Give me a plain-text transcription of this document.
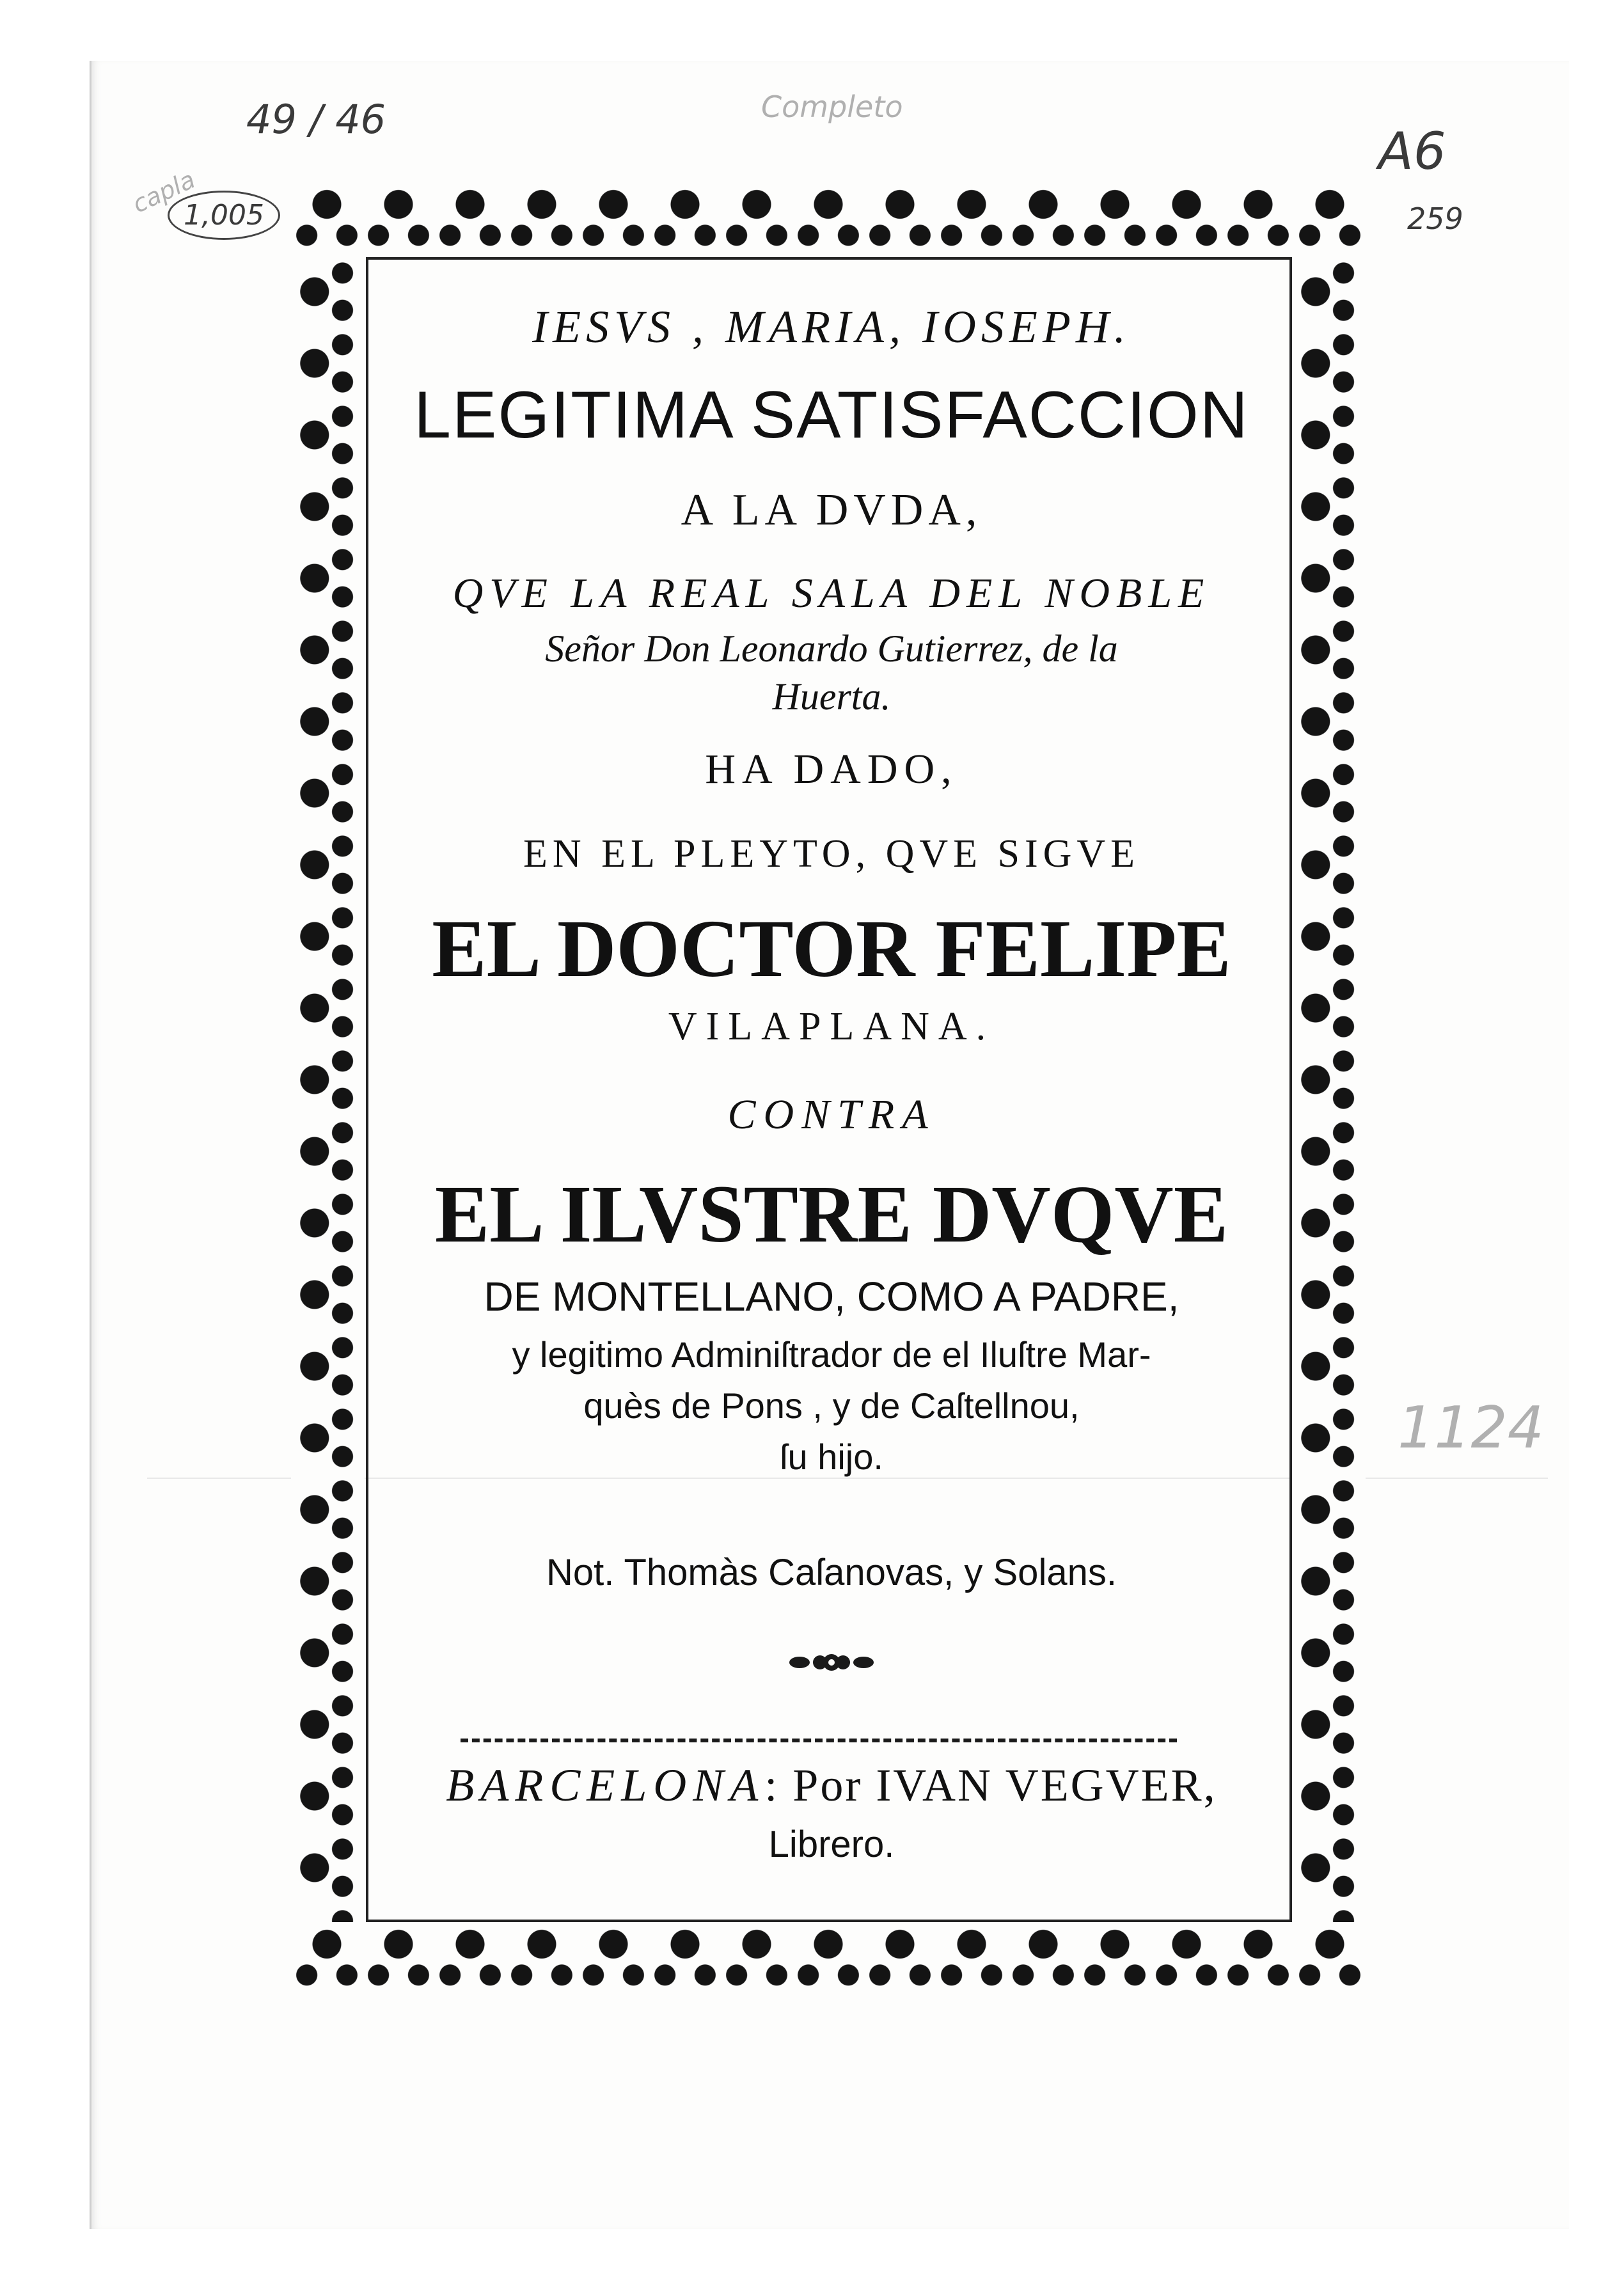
49 / 46
1,005
A6
259
1124
Completo
capla

IESVS , MARIA, IOSEPH.

LEGITIMA SATISFACCION

A LA DVDA,

QVE LA REAL SALA DEL NOBLE

Señor Don Leonardo Gutierrez, de la

Huerta.

HA DADO,

EN EL PLEYTO, QVE SIGVE

EL DOCTOR FELIPE

VILAPLANA.

CONTRA

EL ILVSTRE DVQVE

DE MONTELLANO, COMO A PADRE,

y legitimo Adminiſtrador de el Iluſtre Mar-

quès de Pons , y de Caſtellnou,

ſu hijo.

Not. Thomàs Caſanovas, y Solans.

BARCELONA: Por IVAN VEGVER,

Librero.
